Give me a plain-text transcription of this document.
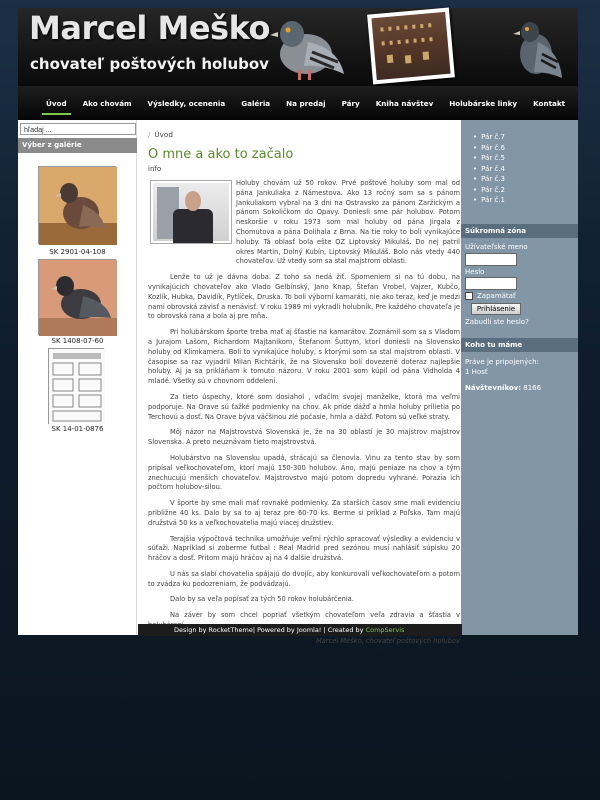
Marcel Meško
chovateľ poštových holubov
Úvod Ako chovám Výsledky, ocenenia Galéria Na predaj Páry Kniha návštev Holubárske linky Kontakt
hľadaj ...
Výber z galérie
SK 2901-04-108
SK 1408-07-60
SK 14-01-0876
/ Úvod
O mne a ako to začalo
info

Holuby chovám už 50 rokov. Prvé poštové holuby som mal od pána Jankuliaka z Námestova. Ako 13 ročný som sa s pánom Jankuliakom vybral na 3 dni na Ostravsko za pánom Zaržickým a pánom Sokoličkom do Opavy. Doniesli sme pár holubov. Potom neskoršie v roku 1973 som mal holuby od pána Jirgala z Chomutova a pána Dolihala z Brna. Na tie roky to boli vynikajúce holuby. Tá oblasť bola ešte OZ Liptovský Mikuláš. Do nej patril okres Martin, Dolný Kubín, Liptovský Mikuláš. Bolo nás vtedy 440 chovateľov. Už vtedy som sa stal majstrom oblasti.

Lenže to už je dávna doba. Z toho sa nedá žiť. Spomeniem si na tú dobu, na vynikajúcich chovateľov ako Vlado Gelbinský, Jano Knap, Štefan Vrobel, Vajzer, Kubčo, Kozlík, Hubka, Davidík, Pytlíček, Druska. To boli výborní kamaráti, nie ako teraz, keď je medzi nami obrovská závisť a nenávisť. V roku 1989 mi vykradli holubník. Pre každého chovateľa je to obrovská rana a bola aj pre mňa.

Pri holubárskom športe treba mať aj šťastie na kamarátov. Zoznámil som sa s Vladom a Jurajom Lašom, Richardom Majtanikom, Štefanom Šuttym, ktorí doniesli na Slovensko holuby od Klimkamera. Boli to vynikajúce holuby, s ktorými som sa stal majstrom oblasti. V časopise sa raz vyjadril Milan Richtárik, že na Slovensko boli dovezené doteraz najlepšie holuby. Aj ja sa prikláňam k tomuto názoru. V roku 2001 som kúpil od pána Vidholda 4 mladé. Všetky sú v chovnom oddelení.

Za tieto úspechy, ktoré som dosiahol , vďačím svojej manželke, ktorá ma veľmi podporuje. Na Orave sú ťažké podmienky na chov. Ak príde dážď a hmla holuby prilietia po Terchovú a dosť. Na Orave býva väčšinou zlé počasie, hmla a dážď. Potom sú veľké straty.

Môj názor na Majstrovstvá Slovenská je, že na 30 oblastí je 30 majstrov majstrov Slovenska. A preto neuznávam tieto majstrovstvá.

Holubárstvo na Slovensku upadá, strácajú sa členovia. Vinu za tento stav by som pripísal veľkochovateľom, ktorí majú 150-300 holubov. Áno, majú peniaze na chov a tým znechucujú menších chovateľov. Majstrovstvo majú potom dopredu vyhrané. Porazia ich počtom holubov-silou.

V športe by sme mali mať rovnaké podmienky. Za starších časov sme mali evidenciu približne 40 ks. Dalo by sa to aj teraz pre 60-70 ks. Berme si príklad z Poľska. Tam majú družstvá 50 ks a veľkochovatelia majú viacej družstiev.

Terajšia výpočtová technika umožňuje veľmi rýchlo spracovať výsledky a evidenciu v súťaži. Napríklad si zoberme futbal : Real Madrid pred sezónou musí nahlásiť súpisku 20 hráčov a dosť. Pritom majú hráčov aj na 4 dalšie družstvá.

U nás sa slabí chovatelia spájajú do dvojíc, aby konkurovali veľkochovateľom a potom to zvádza ku podozreniam, že podvádzajú.

Dalo by sa veľa popísať za tých 50 rokov holubárčenia.

Na záver by som chcel popriať všetkým chovateľom veľa zdravia a šťastia v

Marcel Meško, chovateľ poštových holubov

• Pár č.7
• Pár č.6
• Pár č.5
• Pár č.4
• Pár č.3
• Pár č.2
• Pár č.1
Súkromná zóna
Užívateľské meno
Heslo
Zapamätať
Prihlásenie
Zabudli ste heslo?
Koho tu máme
Práve je pripojených:
1 Hosť
Návštevníkov: 8166
Design by RocketTheme| Powered by Joomla! | Created by CompServis
